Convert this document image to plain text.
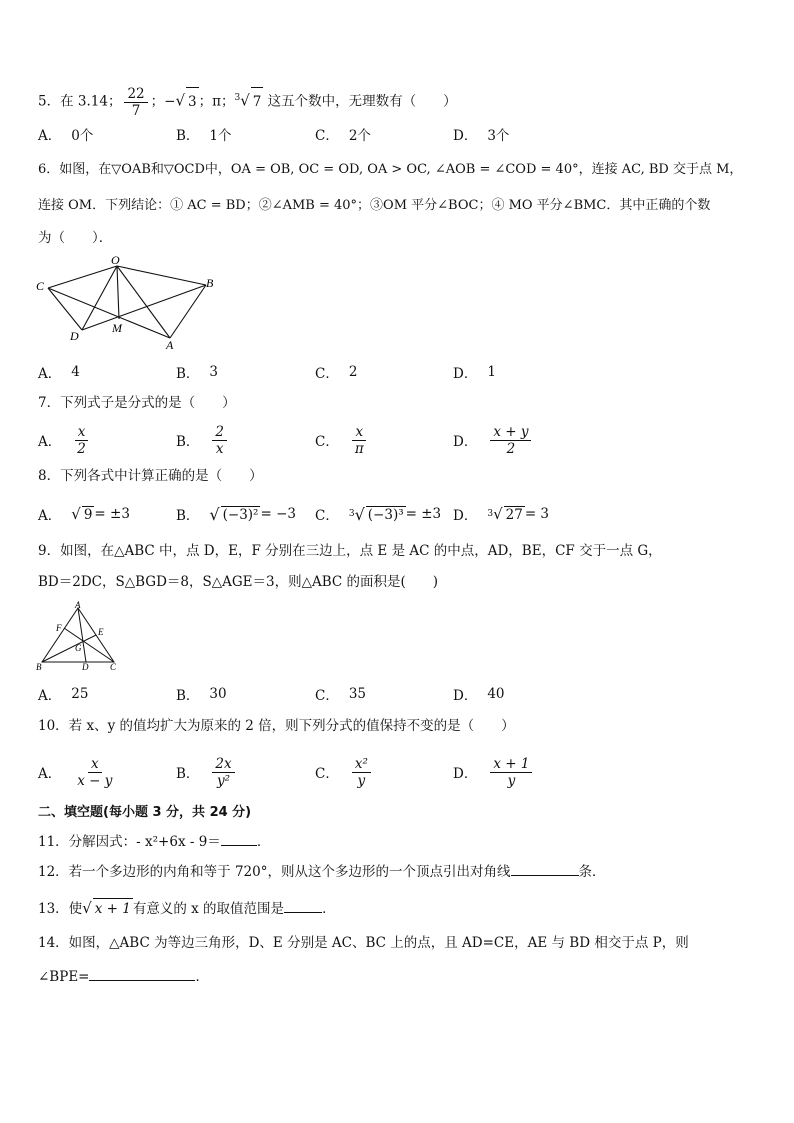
5．在 3.14； $\frac{22}{7}$ ；−√ 3 ；π；$^3$√ 7 这五个数中，无理数有（　　）
A． 0个	B． 1个	C． 2个	D． 3个
6．如图，在▽OAB和▽OCD中，OA = OB, OC = OD, OA > OC, ∠AOB = ∠COD = 40°，连接 AC, BD 交于点 M，
连接 OM．下列结论：① AC = BD；②∠AMB = 40°；③OM 平分∠BOC；④ MO 平分∠BMC．其中正确的个数
为（　　）．
O
B
C
D
M
A
A． 4	B． 3	C． 2	D． 1
7．下列式子是分式的是（　　）
A． $\frac{x}{2}$	B． $\frac{2}{x}$	C． $\frac{x}{\pi}$	D． $\frac{x + y}{2}$
8．下列各式中计算正确的是（　　）
A． √ 9 = ±3	B． √ (−3)² = −3 C． 3 √ (−3)³ = ±3 D． 3 √ 27 = 3
9．如图，在△ABC 中，点 D，E，F 分别在三边上，点 E 是 AC 的中点，AD，BE，CF 交于一点 G，
BD＝2DC，S△BGD＝8，S△AGE＝3，则△ABC 的面积是(　　)
A
F	E
G
B	D C
A． 25	B． 30	C． 35	D． 40
10．若 x、y 的值均扩大为原来的 2 倍，则下列分式的值保持不变的是（　　）
A． $\frac{x}{x - y}$	B． $\frac{2x}{\text{y²}}$	C． $\frac{\text{x²}}{y}$	D． $\frac{x + 1}{y}$
二、填空题(每小题 3 分，共 24 分)
11．分解因式：- x²+6x - 9＝	．
12．若一个多边形的内角和等于 720°，则从这个多边形的一个顶点引出对角线	条．
13．使√ x + 1 有意义的 x 的取值范围是	．
14．如图，△ABC 为等边三角形，D、E 分别是 AC、BC 上的点，且 AD=CE，AE 与 BD 相交于点 P，则
∠BPE=	．
